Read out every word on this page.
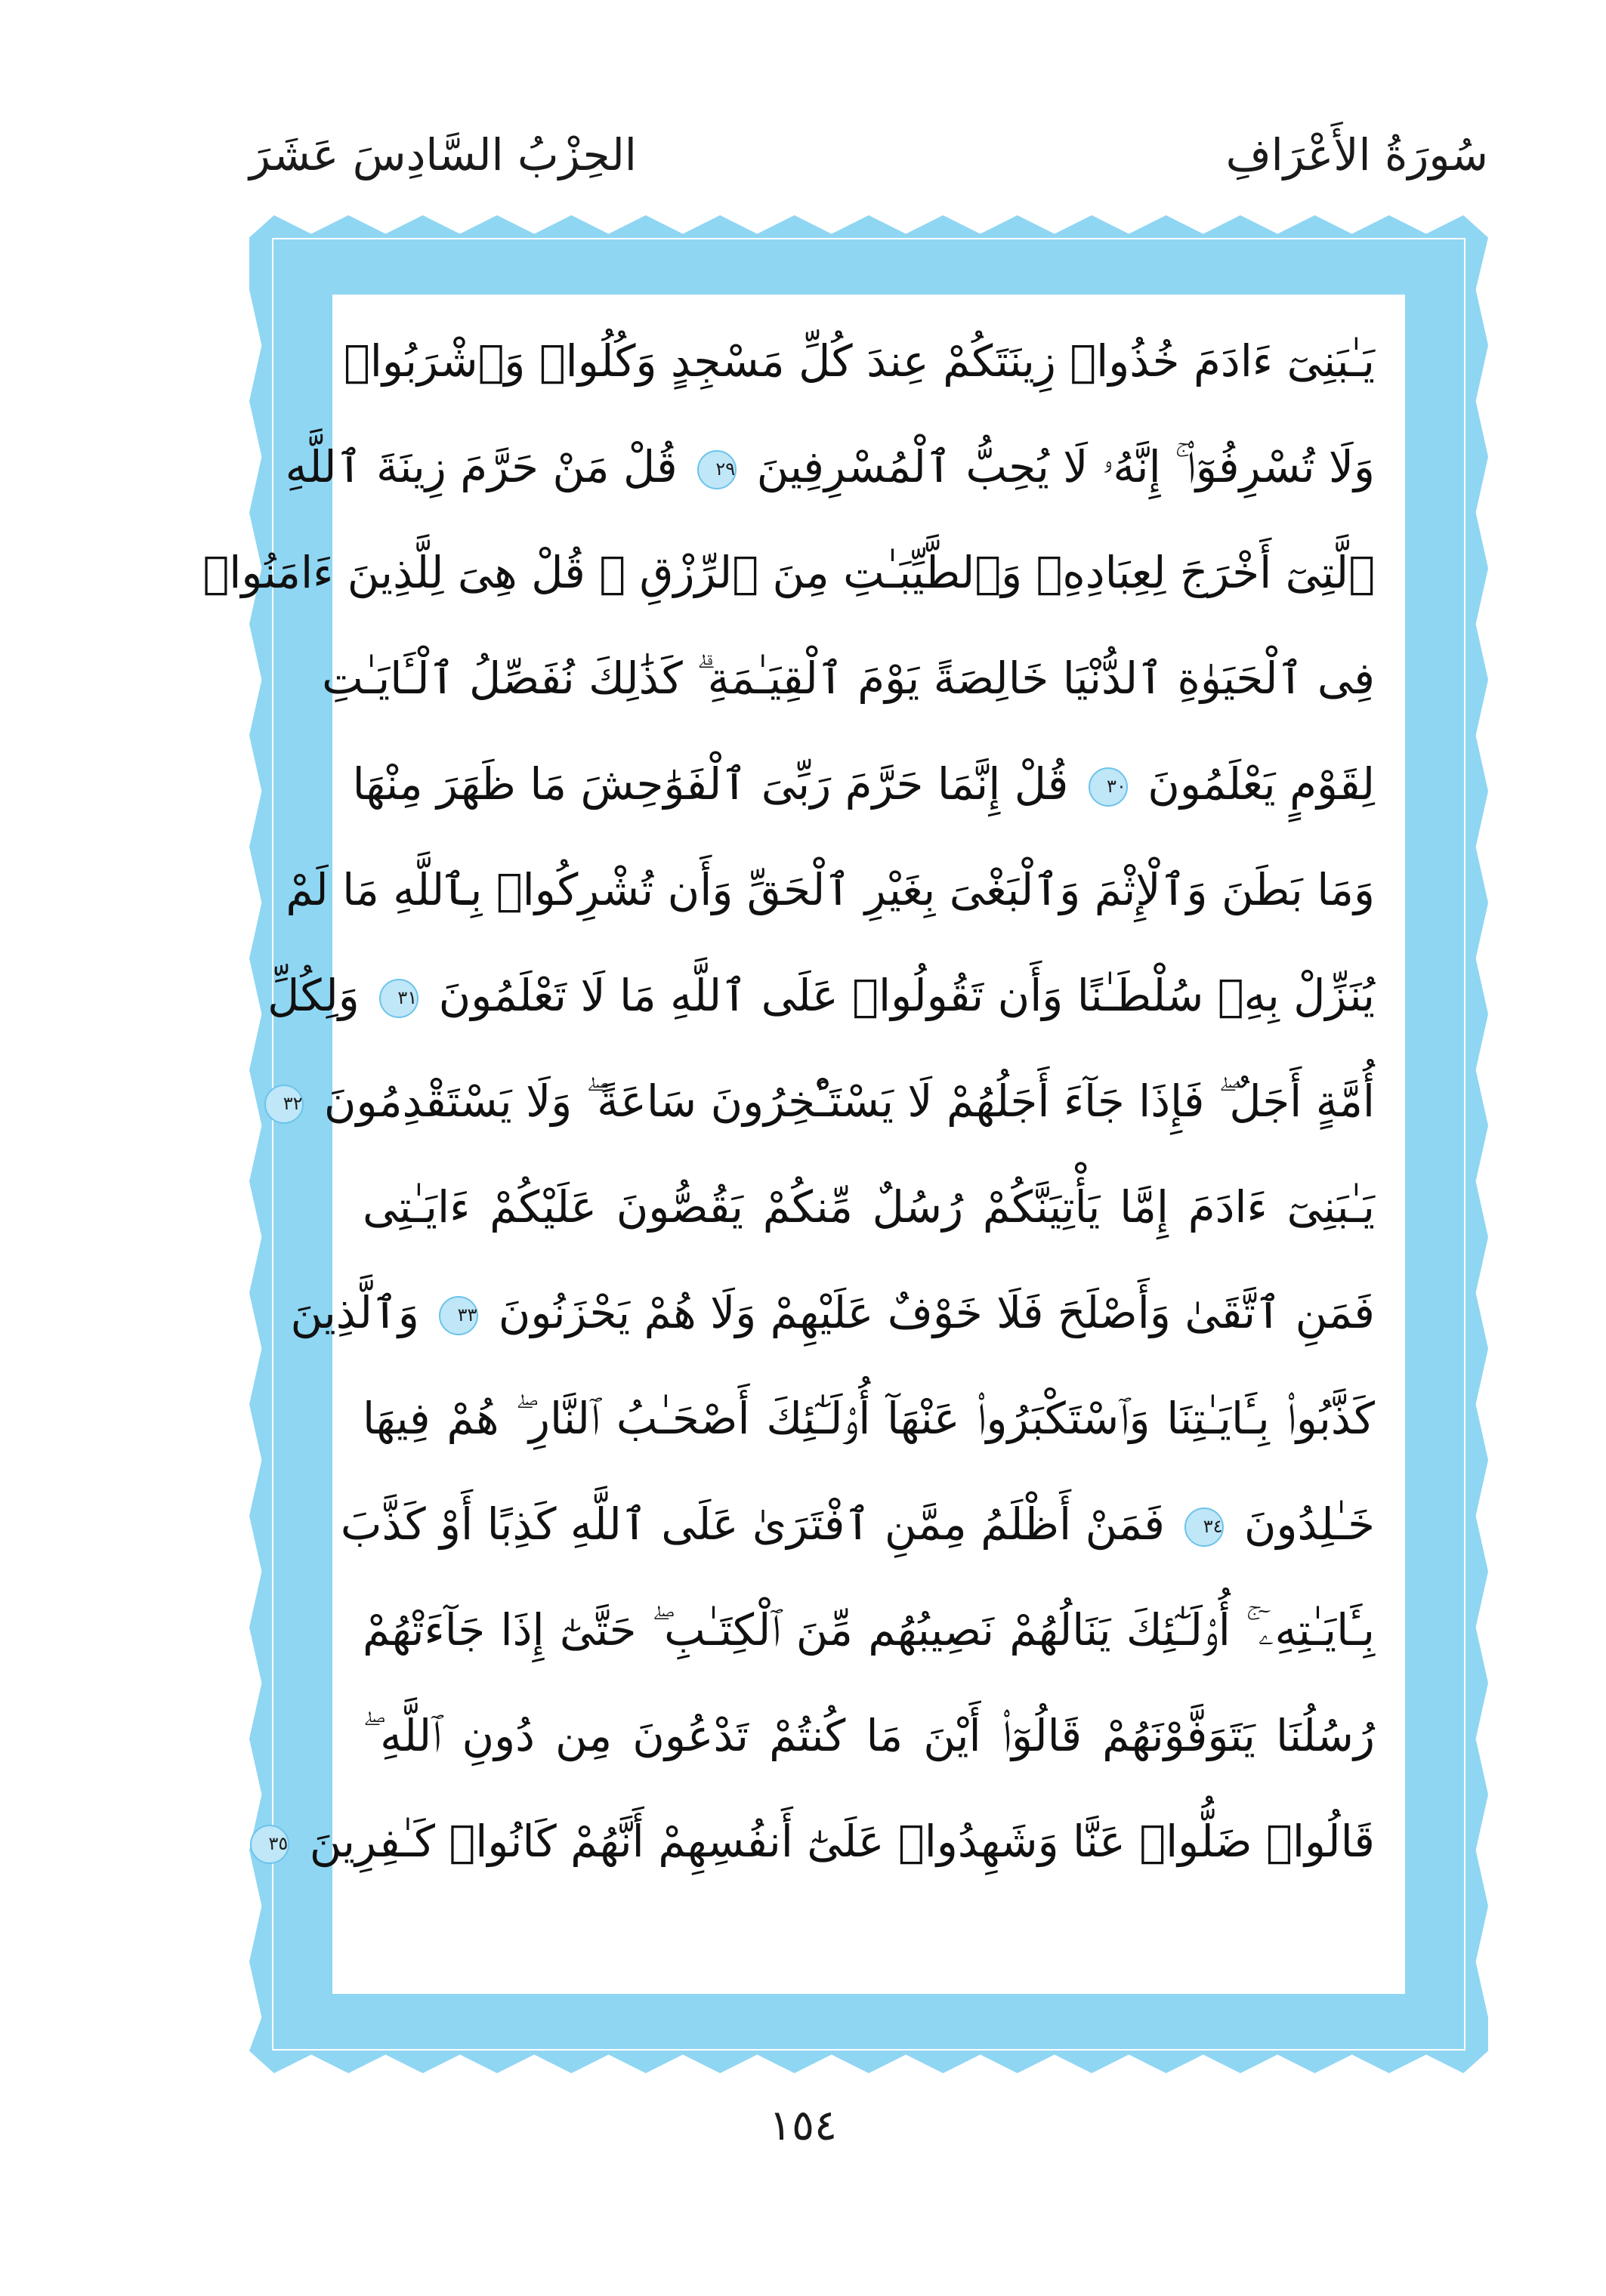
الحِزْبُ السَّادِسَ عَشَرَ	سُورَةُ الأَعْرَافِ
يَـٰبَنِىٓ ءَادَمَ خُذُوا۟ زِينَتَكُمْ عِندَ كُلِّ مَسْجِدٍ وَكُلُوا۟ وَٱشْرَبُوا۟
وَلَا تُسْرِفُوٓا۟ ۚ إِنَّهُۥ لَا يُحِبُّ ٱلْمُسْرِفِينَ ٢٩ قُلْ مَنْ حَرَّمَ زِينَةَ ٱللَّهِ
ٱلَّتِىٓ أَخْرَجَ لِعِبَادِهِۦ وَٱلطَّيِّبَـٰتِ مِنَ ٱلرِّزْقِ ۚ قُلْ هِىَ لِلَّذِينَ ءَامَنُوا۟
فِى ٱلْحَيَوٰةِ ٱلدُّنْيَا خَالِصَةً يَوْمَ ٱلْقِيَـٰمَةِ ۗ كَذَٰلِكَ نُفَصِّلُ ٱلْـَٔايَـٰتِ
لِقَوْمٍ يَعْلَمُونَ ٣٠ قُلْ إِنَّمَا حَرَّمَ رَبِّىَ ٱلْفَوَٰحِشَ مَا ظَهَرَ مِنْهَا
وَمَا بَطَنَ وَٱلْإِثْمَ وَٱلْبَغْىَ بِغَيْرِ ٱلْحَقِّ وَأَن تُشْرِكُوا۟ بِٱللَّهِ مَا لَمْ
يُنَزِّلْ بِهِۦ سُلْطَـٰنًا وَأَن تَقُولُوا۟ عَلَى ٱللَّهِ مَا لَا تَعْلَمُونَ ٣١ وَلِكُلِّ
أُمَّةٍ أَجَلٌ ۖ فَإِذَا جَآءَ أَجَلُهُمْ لَا يَسْتَـْٔخِرُونَ سَاعَةً ۖ وَلَا يَسْتَقْدِمُونَ ٣٢
يَـٰبَنِىٓ ءَادَمَ إِمَّا يَأْتِيَنَّكُمْ رُسُلٌ مِّنكُمْ يَقُصُّونَ عَلَيْكُمْ ءَايَـٰتِى
فَمَنِ ٱتَّقَىٰ وَأَصْلَحَ فَلَا خَوْفٌ عَلَيْهِمْ وَلَا هُمْ يَحْزَنُونَ ٣٣ وَٱلَّذِينَ
كَذَّبُوا۟ بِـَٔايَـٰتِنَا وَٱسْتَكْبَرُوا۟ عَنْهَآ أُو۟لَـٰٓئِكَ أَصْحَـٰبُ ٱلنَّارِ ۖ هُمْ فِيهَا
خَـٰلِدُونَ ٣٤ فَمَنْ أَظْلَمُ مِمَّنِ ٱفْتَرَىٰ عَلَى ٱللَّهِ كَذِبًا أَوْ كَذَّبَ
بِـَٔايَـٰتِهِۦٓ ۚ أُو۟لَـٰٓئِكَ يَنَالُهُمْ نَصِيبُهُم مِّنَ ٱلْكِتَـٰبِ ۖ حَتَّىٰٓ إِذَا جَآءَتْهُمْ
رُسُلُنَا يَتَوَفَّوْنَهُمْ قَالُوٓا۟ أَيْنَ مَا كُنتُمْ تَدْعُونَ مِن دُونِ ٱللَّهِ ۖ
قَالُوا۟ ضَلُّوا۟ عَنَّا وَشَهِدُوا۟ عَلَىٰٓ أَنفُسِهِمْ أَنَّهُمْ كَانُوا۟ كَـٰفِرِينَ ٣٥
١٥٤
